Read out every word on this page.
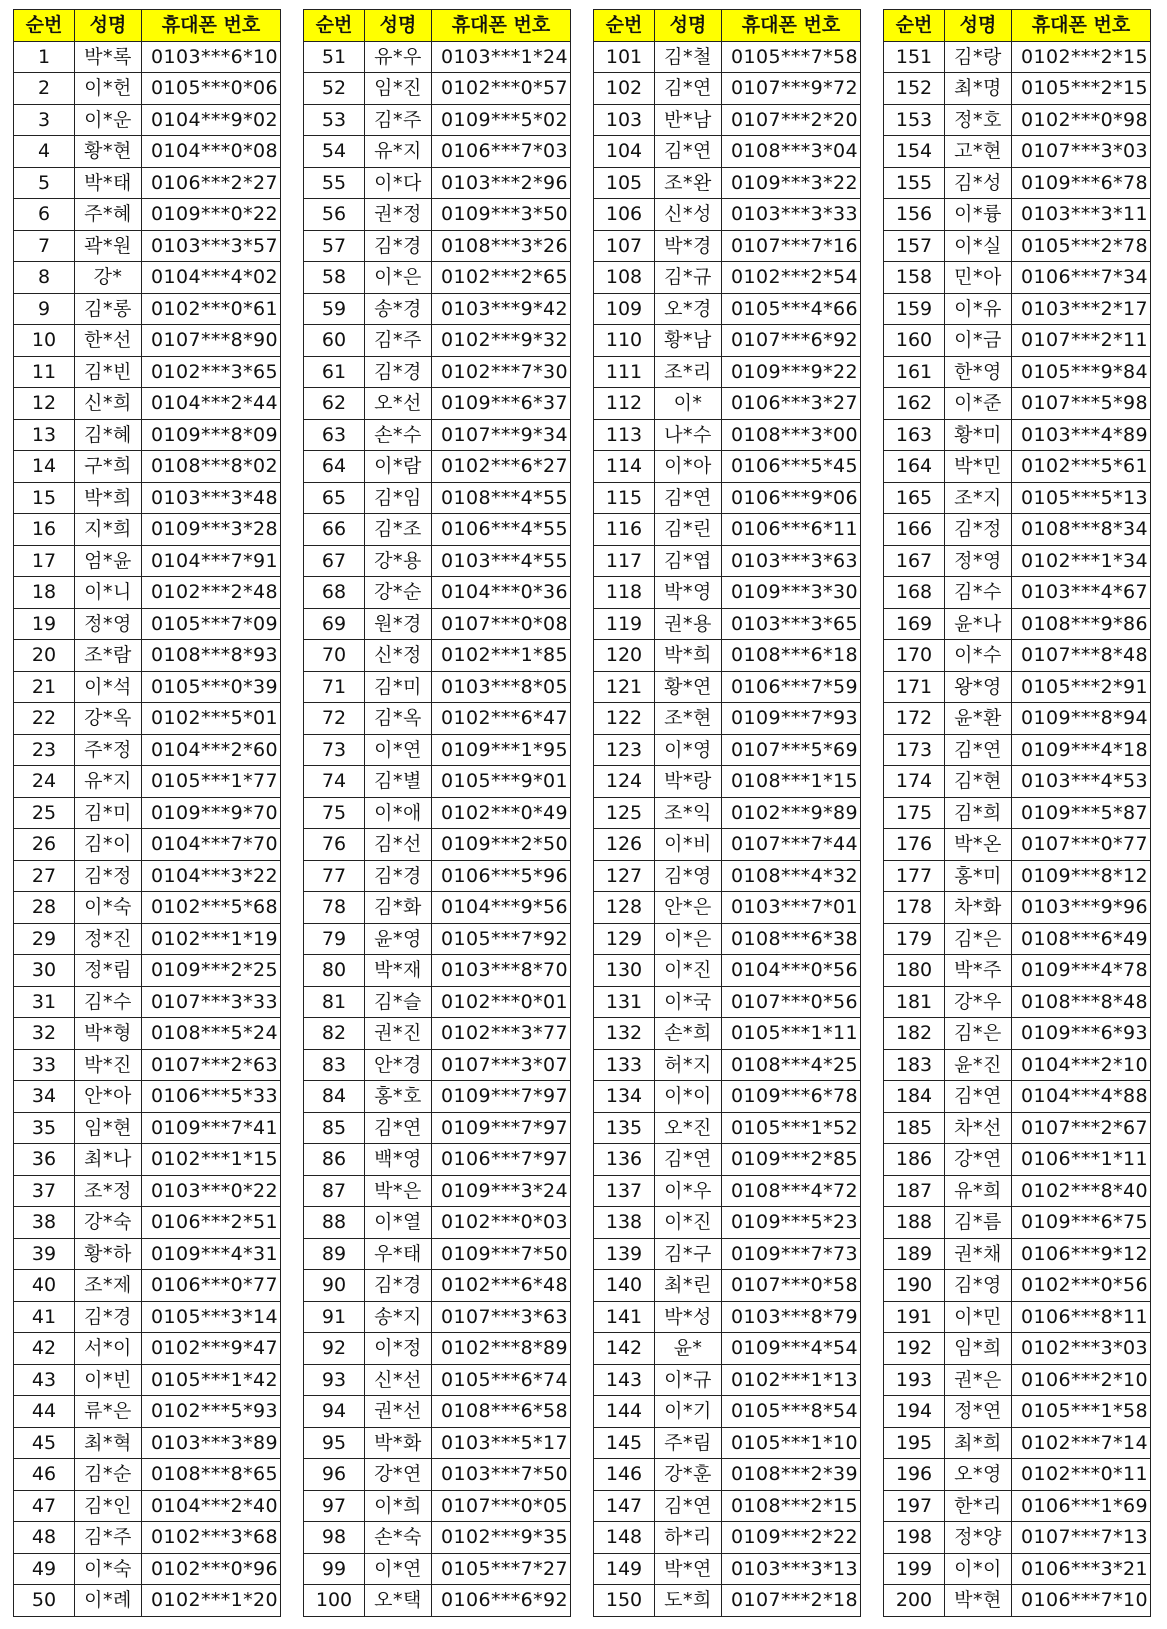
순번	성명	휴대폰 번호
1	박*록	0103***6*10
2	이*헌	0105***0*06
3	이*운	0104***9*02
4	황*현	0104***0*08
5	박*태	0106***2*27
6	주*혜	0109***0*22
7	곽*원	0103***3*57
8	강*	0104***4*02
9	김*롱	0102***0*61
10	한*선	0107***8*90
11	김*빈	0102***3*65
12	신*희	0104***2*44
13	김*혜	0109***8*09
14	구*희	0108***8*02
15	박*희	0103***3*48
16	지*희	0109***3*28
17	엄*윤	0104***7*91
18	이*니	0102***2*48
19	정*영	0105***7*09
20	조*람	0108***8*93
21	이*석	0105***0*39
22	강*옥	0102***5*01
23	주*정	0104***2*60
24	유*지	0105***1*77
25	김*미	0109***9*70
26	김*이	0104***7*70
27	김*정	0104***3*22
28	이*숙	0102***5*68
29	정*진	0102***1*19
30	정*림	0109***2*25
31	김*수	0107***3*33
32	박*형	0108***5*24
33	박*진	0107***2*63
34	안*아	0106***5*33
35	임*현	0109***7*41
36	최*나	0102***1*15
37	조*정	0103***0*22
38	강*숙	0106***2*51
39	황*하	0109***4*31
40	조*제	0106***0*77
41	김*경	0105***3*14
42	서*이	0102***9*47
43	이*빈	0105***1*42
44	류*은	0102***5*93
45	최*혁	0103***3*89
46	김*순	0108***8*65
47	김*인	0104***2*40
48	김*주	0102***3*68
49	이*숙	0102***0*96
50	이*례	0102***1*20
순번	성명	휴대폰 번호
51	유*우	0103***1*24
52	임*진	0102***0*57
53	김*주	0109***5*02
54	유*지	0106***7*03
55	이*다	0103***2*96
56	권*정	0109***3*50
57	김*경	0108***3*26
58	이*은	0102***2*65
59	송*경	0103***9*42
60	김*주	0102***9*32
61	김*경	0102***7*30
62	오*선	0109***6*37
63	손*수	0107***9*34
64	이*람	0102***6*27
65	김*임	0108***4*55
66	김*조	0106***4*55
67	강*용	0103***4*55
68	강*순	0104***0*36
69	원*경	0107***0*08
70	신*정	0102***1*85
71	김*미	0103***8*05
72	김*옥	0102***6*47
73	이*연	0109***1*95
74	김*별	0105***9*01
75	이*애	0102***0*49
76	김*선	0109***2*50
77	김*경	0106***5*96
78	김*화	0104***9*56
79	윤*영	0105***7*92
80	박*재	0103***8*70
81	김*슬	0102***0*01
82	권*진	0102***3*77
83	안*경	0107***3*07
84	홍*호	0109***7*97
85	김*연	0109***7*97
86	백*영	0106***7*97
87	박*은	0109***3*24
88	이*열	0102***0*03
89	우*태	0109***7*50
90	김*경	0102***6*48
91	송*지	0107***3*63
92	이*정	0102***8*89
93	신*선	0105***6*74
94	권*선	0108***6*58
95	박*화	0103***5*17
96	강*연	0103***7*50
97	이*희	0107***0*05
98	손*숙	0102***9*35
99	이*연	0105***7*27
100	오*택	0106***6*92
순번	성명	휴대폰 번호
101	김*철	0105***7*58
102	김*연	0107***9*72
103	반*남	0107***2*20
104	김*연	0108***3*04
105	조*완	0109***3*22
106	신*성	0103***3*33
107	박*경	0107***7*16
108	김*규	0102***2*54
109	오*경	0105***4*66
110	황*남	0107***6*92
111	조*리	0109***9*22
112	이*	0106***3*27
113	나*수	0108***3*00
114	이*아	0106***5*45
115	김*연	0106***9*06
116	김*린	0106***6*11
117	김*엽	0103***3*63
118	박*영	0109***3*30
119	권*용	0103***3*65
120	박*희	0108***6*18
121	황*연	0106***7*59
122	조*현	0109***7*93
123	이*영	0107***5*69
124	박*랑	0108***1*15
125	조*익	0102***9*89
126	이*비	0107***7*44
127	김*영	0108***4*32
128	안*은	0103***7*01
129	이*은	0108***6*38
130	이*진	0104***0*56
131	이*국	0107***0*56
132	손*희	0105***1*11
133	허*지	0108***4*25
134	이*이	0109***6*78
135	오*진	0105***1*52
136	김*연	0109***2*85
137	이*우	0108***4*72
138	이*진	0109***5*23
139	김*구	0109***7*73
140	최*린	0107***0*58
141	박*성	0103***8*79
142	윤*	0109***4*54
143	이*규	0102***1*13
144	이*기	0105***8*54
145	주*림	0105***1*10
146	강*훈	0108***2*39
147	김*연	0108***2*15
148	하*리	0109***2*22
149	박*연	0103***3*13
150	도*희	0107***2*18
순번	성명	휴대폰 번호
151	김*랑	0102***2*15
152	최*명	0105***2*15
153	정*호	0102***0*98
154	고*현	0107***3*03
155	김*성	0109***6*78
156	이*륭	0103***3*11
157	이*실	0105***2*78
158	민*아	0106***7*34
159	이*유	0103***2*17
160	이*금	0107***2*11
161	한*영	0105***9*84
162	이*준	0107***5*98
163	황*미	0103***4*89
164	박*민	0102***5*61
165	조*지	0105***5*13
166	김*정	0108***8*34
167	정*영	0102***1*34
168	김*수	0103***4*67
169	윤*나	0108***9*86
170	이*수	0107***8*48
171	왕*영	0105***2*91
172	윤*환	0109***8*94
173	김*연	0109***4*18
174	김*현	0103***4*53
175	김*희	0109***5*87
176	박*온	0107***0*77
177	홍*미	0109***8*12
178	차*화	0103***9*96
179	김*은	0108***6*49
180	박*주	0109***4*78
181	강*우	0108***8*48
182	김*은	0109***6*93
183	윤*진	0104***2*10
184	김*연	0104***4*88
185	차*선	0107***2*67
186	강*연	0106***1*11
187	유*희	0102***8*40
188	김*름	0109***6*75
189	권*채	0106***9*12
190	김*영	0102***0*56
191	이*민	0106***8*11
192	임*희	0102***3*03
193	권*은	0106***2*10
194	정*연	0105***1*58
195	최*희	0102***7*14
196	오*영	0102***0*11
197	한*리	0106***1*69
198	정*양	0107***7*13
199	이*이	0106***3*21
200	박*현	0106***7*10
